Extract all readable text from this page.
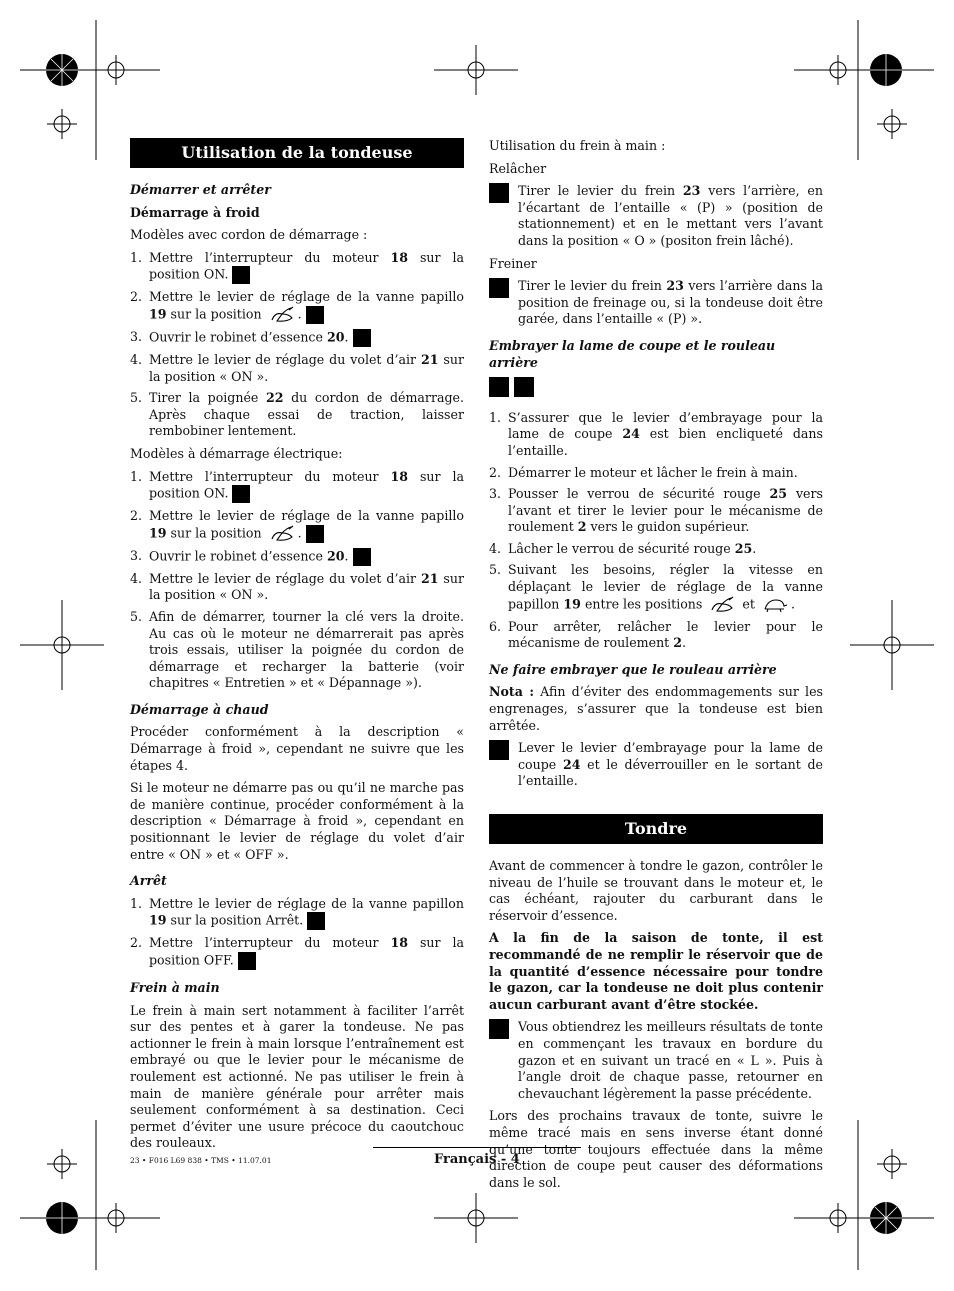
Utilisation de la tondeuse
Démarrer et arrêter
Démarrage à froid

Modèles avec cordon de démarrage :

1. Mettre l’interrupteur du moteur 18 sur la position ON.
2. Mettre le levier de réglage de la vanne papillo 19 sur la position	.
3. Ouvrir le robinet d’essence 20.
4. Mettre le levier de réglage du volet d’air 21 sur la position « ON ».
5. Tirer la poignée 22 du cordon de démarrage. Après chaque essai de traction, laisser rembobiner lentement.

Modèles à démarrage électrique:

1. Mettre l’interrupteur du moteur 18 sur la position ON.
2. Mettre le levier de réglage de la vanne papillo 19 sur la position	.
3. Ouvrir le robinet d’essence 20.
4. Mettre le levier de réglage du volet d’air 21 sur la position « ON ».
5. Afin de démarrer, tourner la clé vers la droite. Au cas où le moteur ne démarrerait pas après trois essais, utiliser la poignée du cordon de démarrage et recharger la batterie (voir chapitres « Entretien » et « Dépannage »).
Démarrage à chaud

Procéder conformément à la description « Démarrage à froid », cependant ne suivre que les étapes 4.

Si le moteur ne démarre pas ou qu’il ne marche pas de manière continue, procéder conformément à la description « Démarrage à froid », cependant en positionnant le levier de réglage du volet d’air entre « ON » et « OFF ».

Arrêt
1. Mettre le levier de réglage de la vanne papillon 19 sur la position Arrêt.
2. Mettre l’interrupteur du moteur 18 sur la position OFF.
Frein à main

Le frein à main sert notamment à faciliter l’arrêt sur des pentes et à garer la tondeuse. Ne pas actionner le frein à main lorsque l’entraînement est embrayé ou que le levier pour le mécanisme de roulement est actionné. Ne pas utiliser le frein à main de manière générale pour arrêter mais seulement conformément à sa destination. Ceci permet d’éviter une usure précoce du caoutchouc des rouleaux.

Utilisation du frein à main :

Relâcher

Tirer le levier du frein 23 vers l’arrière, en l’écartant de l’entaille « (P) » (position de stationnement) et en le mettant vers l’avant dans la position « O » (positon frein lâché).

Freiner

Tirer le levier du frein 23 vers l’arrière dans la position de freinage ou, si la tondeuse doit être garée, dans l’entaille « (P) ».
Embrayer la lame de coupe et le rouleau arrière
1. S’assurer que le levier d’embrayage pour la lame de coupe 24 est bien encliqueté dans l’entaille.
2. Démarrer le moteur et lâcher le frein à main.
3. Pousser le verrou de sécurité rouge 25 vers l’avant et tirer le levier pour le mécanisme de roulement 2 vers le guidon supérieur.
4. Lâcher le verrou de sécurité rouge 25.
5. Suivant les besoins, régler la vitesse en déplaçant le levier de réglage de la vanne papillon 19 entre les positions	et	.
6. Pour arrêter, relâcher le levier pour le mécanisme de roulement 2.
Ne faire embrayer que le rouleau arrière

Nota : Afin d’éviter des endommagements sur les engrenages, s’assurer que la tondeuse est bien arrêtée.

Lever le levier d’embrayage pour la lame de coupe 24 et le déverrouiller en le sortant de l’entaille.
Tondre

Avant de commencer à tondre le gazon, contrôler le niveau de l’huile se trouvant dans le moteur et, le cas échéant, rajouter du carburant dans le réservoir d’essence.

A la fin de la saison de tonte, il est recommandé de ne remplir le réservoir que de la quantité d’essence nécessaire pour tondre le gazon, car la tondeuse ne doit plus contenir aucun carburant avant d’être stockée.

Vous obtiendrez les meilleurs résultats de tonte en commençant les travaux en bordure du gazon et en suivant un tracé en « L ». Puis à l’angle droit de chaque passe, retourner en chevauchant légèrement la passe précédente.

Lors des prochains travaux de tonte, suivre le même tracé mais en sens inverse étant donné qu’une tonte toujours effectuée dans la même direction de coupe peut causer des déformations dans le sol.

23 • F016 L69 838 • TMS • 11.07.01	Français - 4
